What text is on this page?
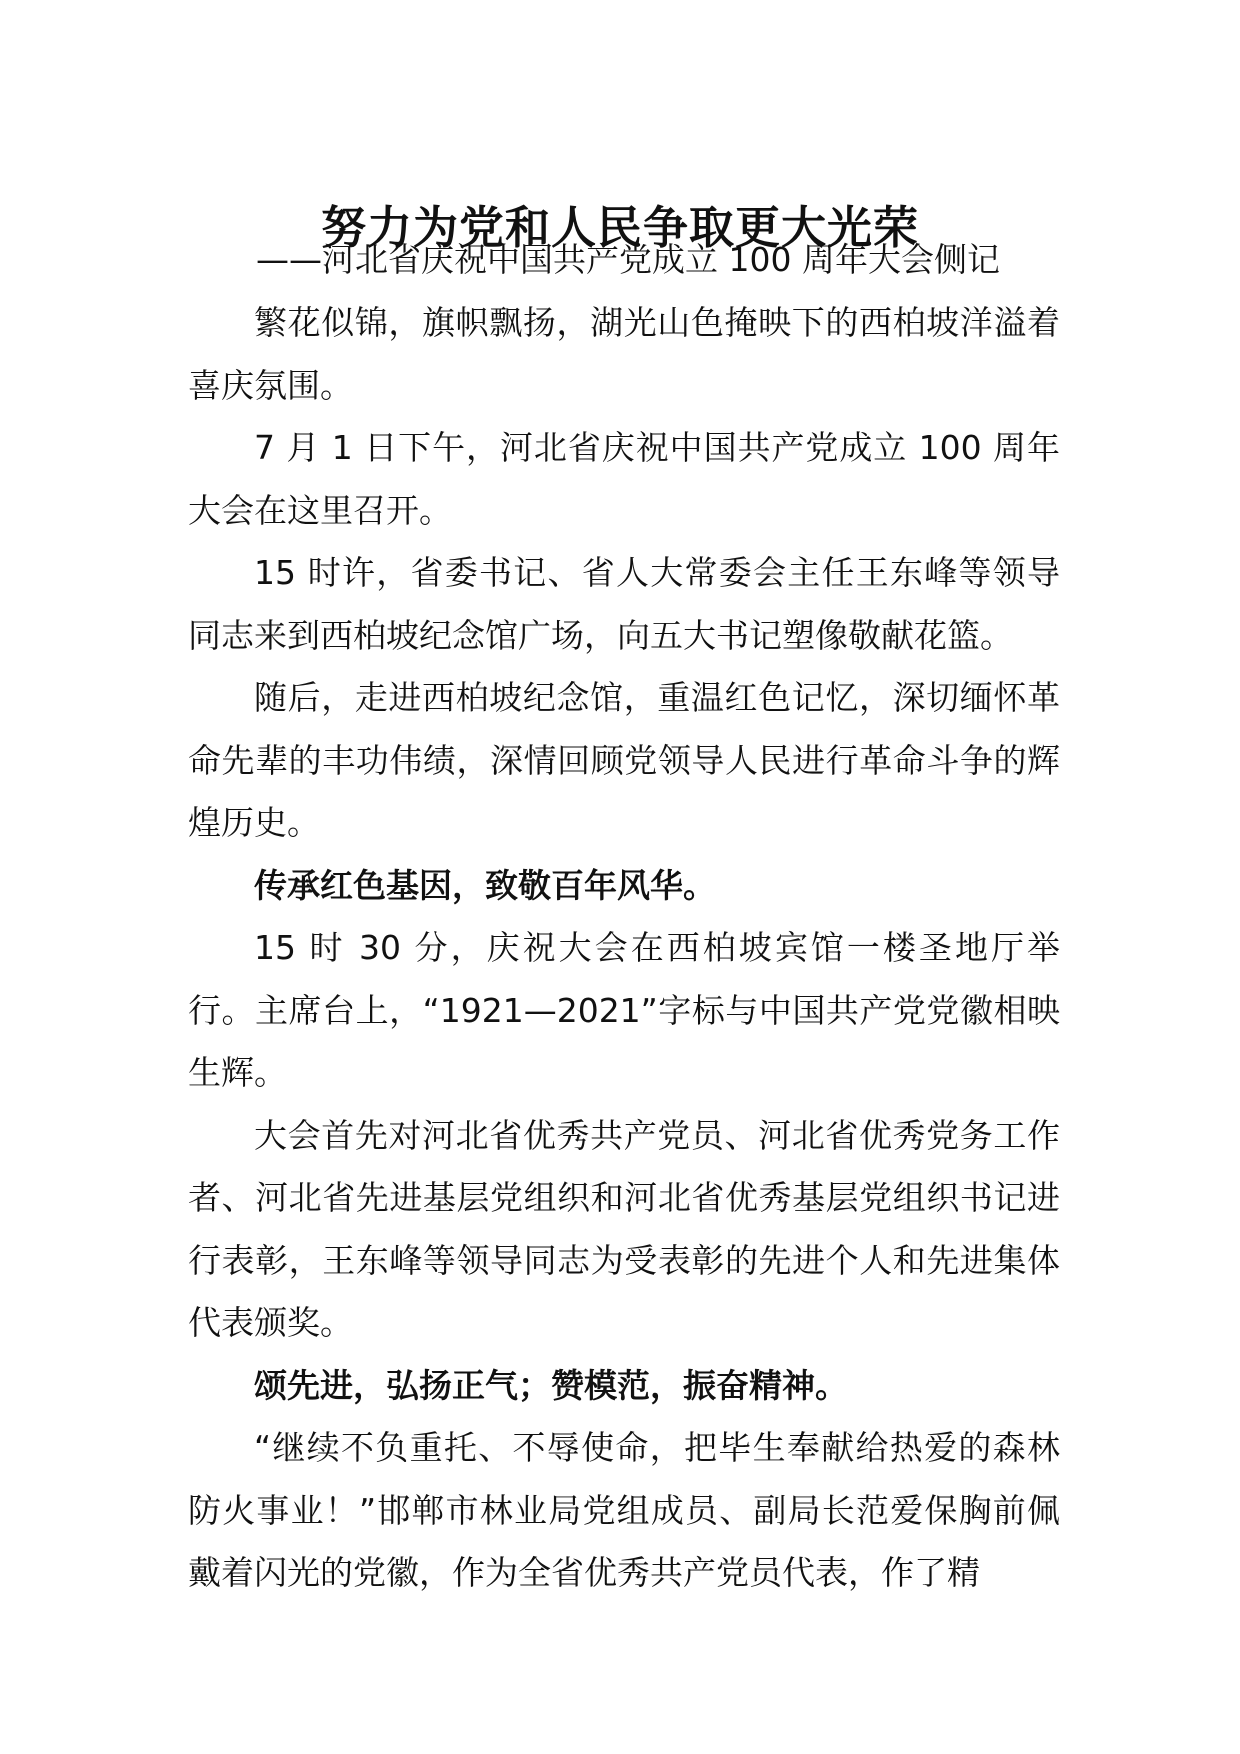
努力为党和人民争取更大光荣
——河北省庆祝中国共产党成立 100 周年大会侧记

繁花似锦，旗帜飘扬，湖光山色掩映下的西柏坡洋溢着喜庆氛围。

7 月 1 日下午，河北省庆祝中国共产党成立 100 周年大会在这里召开。

15 时许，省委书记、省人大常委会主任王东峰等领导同志来到西柏坡纪念馆广场，向五大书记塑像敬献花篮。

随后，走进西柏坡纪念馆，重温红色记忆，深切缅怀革命先辈的丰功伟绩，深情回顾党领导人民进行革命斗争的辉煌历史。

传承红色基因，致敬百年风华。

15 时 30 分，庆祝大会在西柏坡宾馆一楼圣地厅举行。主席台上，“1921—2021”字标与中国共产党党徽相映生辉。

大会首先对河北省优秀共产党员、河北省优秀党务工作者、河北省先进基层党组织和河北省优秀基层党组织书记进行表彰，王东峰等领导同志为受表彰的先进个人和先进集体代表颁奖。

颂先进，弘扬正气；赞模范，振奋精神。

“继续不负重托、不辱使命，把毕生奉献给热爱的森林防火事业！”邯郸市林业局党组成员、副局长范爱保胸前佩戴着闪光的党徽，作为全省优秀共产党员代表，作了精
